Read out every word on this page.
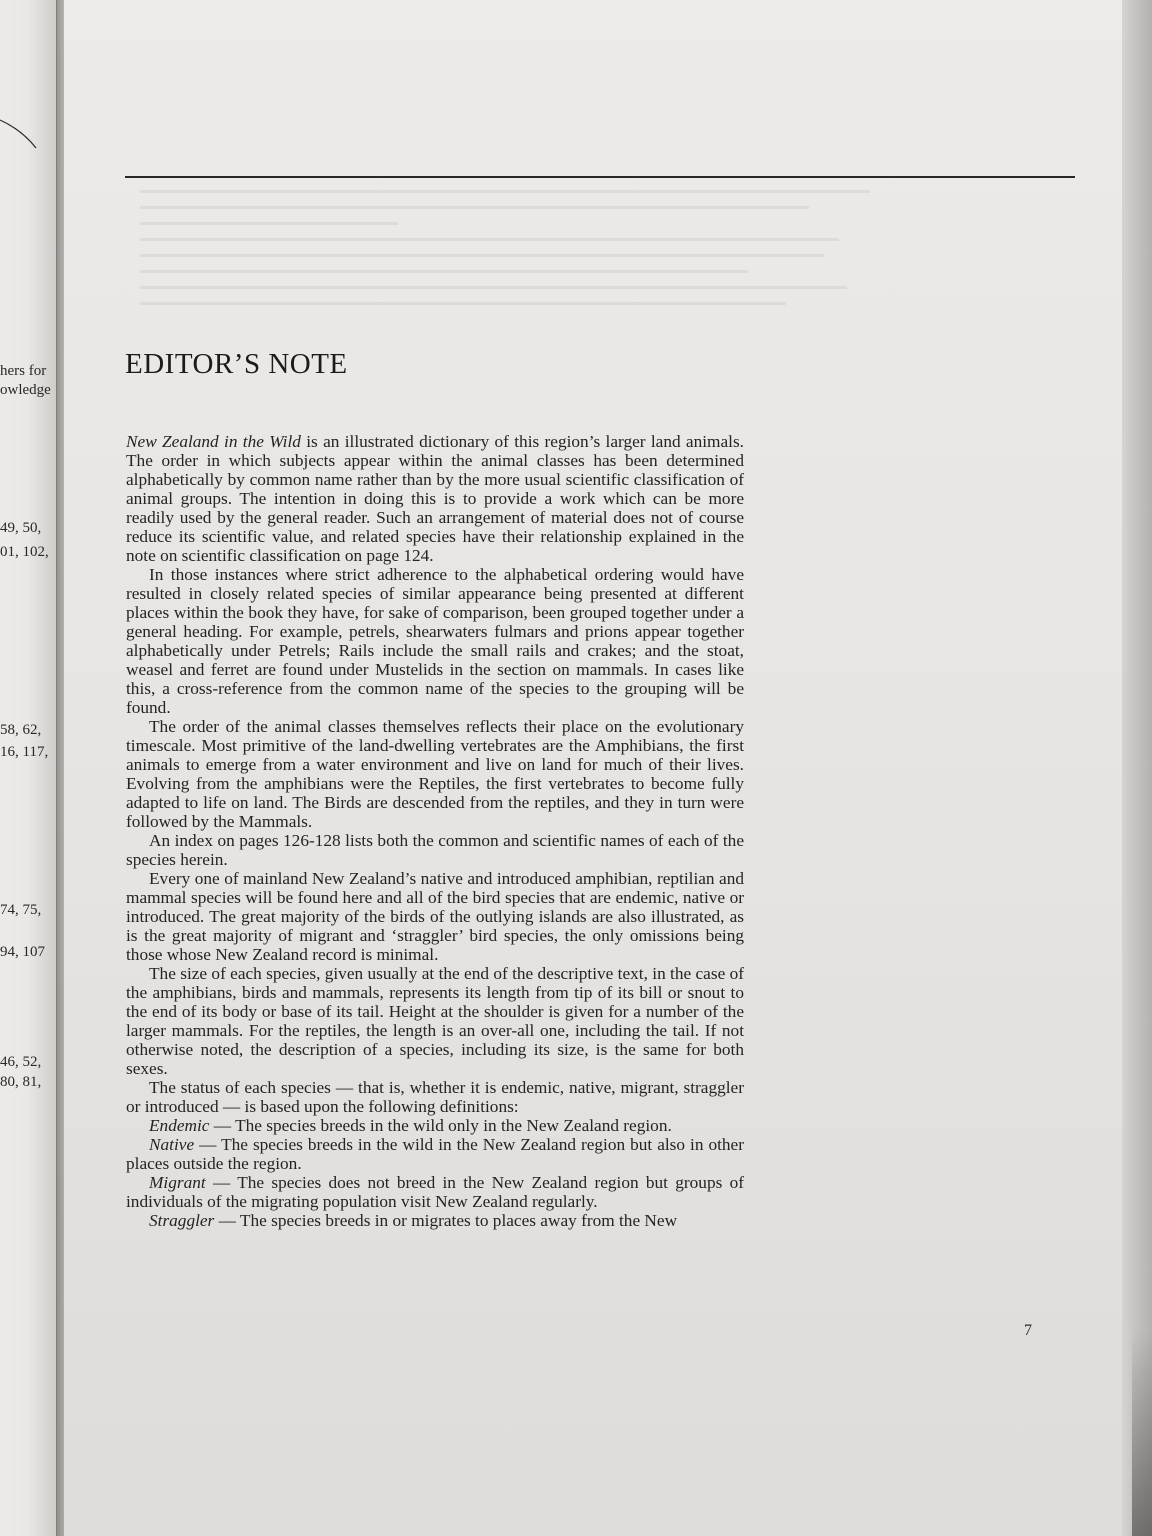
hers for
owledge
49, 50,
01, 102,
58, 62,
16, 117,
74, 75,
94, 107
46, 52,
80, 81,
EDITOR’S NOTE

New Zealand in the Wild is an illustrated dictionary of this region’s larger land animals. The order in which subjects appear within the animal classes has been determined alphabetically by common name rather than by the more usual scientific classification of animal groups. The intention in doing this is to provide a work which can be more readily used by the general reader. Such an arrangement of material does not of course reduce its scientific value, and related species have their relationship explained in the note on scientific classification on page 124.

In those instances where strict adherence to the alphabetical ordering would have resulted in closely related species of similar appearance being presented at different places within the book they have, for sake of comparison, been grouped together under a general heading. For example, petrels, shearwaters fulmars and prions appear together alphabetically under Petrels; Rails include the small rails and crakes; and the stoat, weasel and ferret are found under Mustelids in the section on mammals. In cases like this, a cross-reference from the common name of the species to the grouping will be found.

The order of the animal classes themselves reflects their place on the evolutionary timescale. Most primitive of the land-dwelling vertebrates are the Amphibians, the first animals to emerge from a water environment and live on land for much of their lives. Evolving from the amphibians were the Reptiles, the first vertebrates to become fully adapted to life on land. The Birds are descended from the reptiles, and they in turn were followed by the Mammals.

An index on pages 126-128 lists both the common and scientific names of each of the species herein.

Every one of mainland New Zealand’s native and introduced amphibian, reptilian and mammal species will be found here and all of the bird species that are endemic, native or introduced. The great majority of the birds of the outlying islands are also illustrated, as is the great majority of migrant and ‘straggler’ bird species, the only omissions being those whose New Zealand record is minimal.

The size of each species, given usually at the end of the descriptive text, in the case of the amphibians, birds and mammals, represents its length from tip of its bill or snout to the end of its body or base of its tail. Height at the shoulder is given for a number of the larger mammals. For the reptiles, the length is an over-all one, including the tail. If not otherwise noted, the description of a species, including its size, is the same for both sexes.

The status of each species — that is, whether it is endemic, native, migrant, straggler or introduced — is based upon the following definitions:

Endemic — The species breeds in the wild only in the New Zealand region.

Native — The species breeds in the wild in the New Zealand region but also in other places outside the region.

Migrant — The species does not breed in the New Zealand region but groups of individuals of the migrating population visit New Zealand regularly.

Straggler — The species breeds in or migrates to places away from the New

7
